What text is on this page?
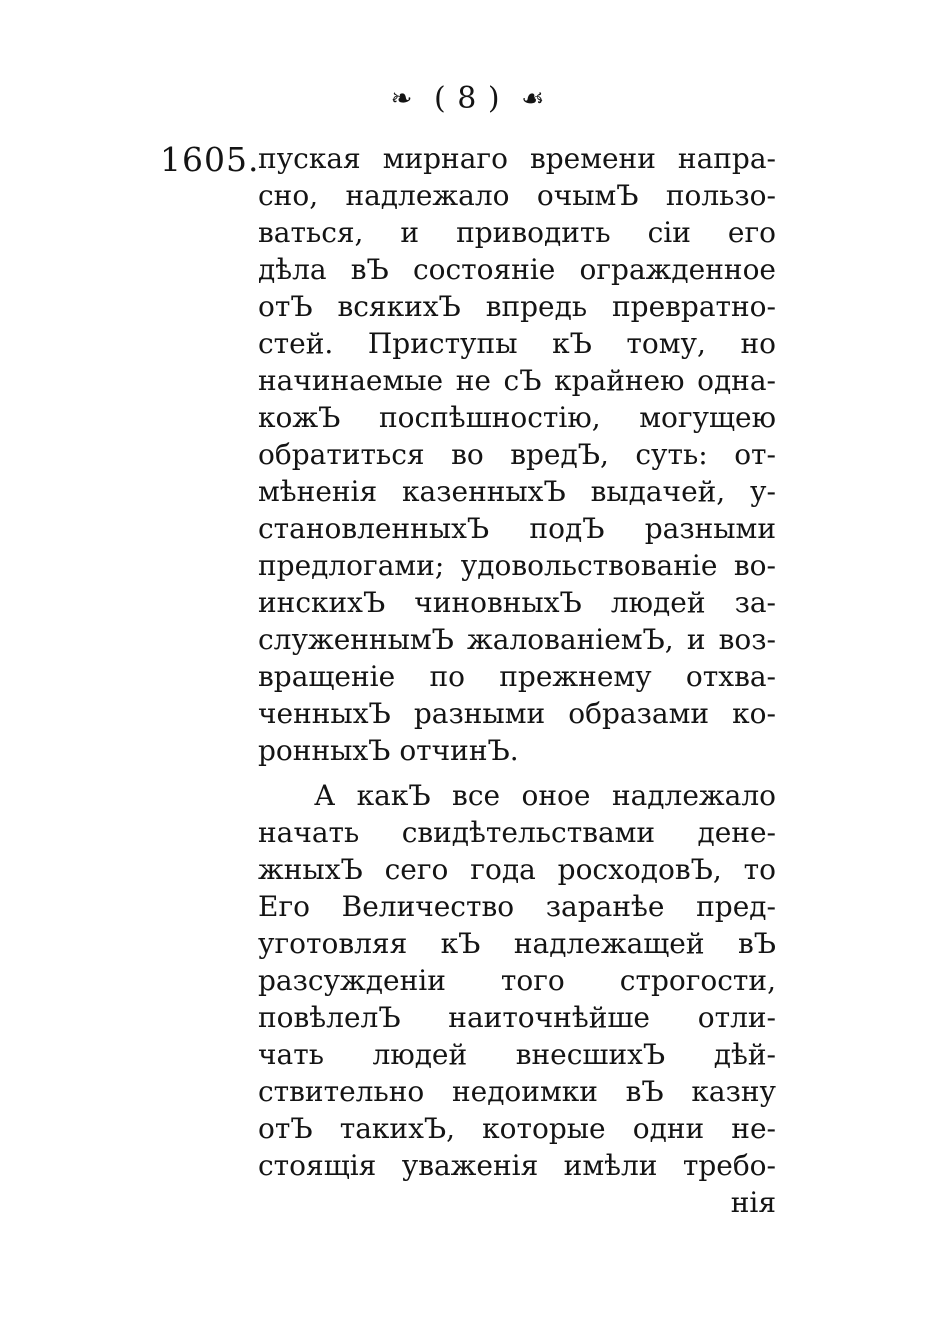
❧ ( 8 ) ☙
1605.
пуская мирнаго времени напра-
сно, надлежало очымЪ пользо-
ваться, и приводить сіи его
дѣла вЪ состояніе огражденное
отЪ всякихЪ впредь превратно-
стей. Приступы кЪ тому, но
начинаемые не сЪ крайнею одна-
кожЪ поспѣшностію, могущею
обратиться во вредЪ, суть: от-
мѣненія казенныхЪ выдачей, у-
становленныхЪ подЪ разными
предлогами; удовольствованіе во-
инскихЪ чиновныхЪ людей за-
служеннымЪ жалованіемЪ, и воз-
вращеніе по прежнему отхва-
ченныхЪ разными образами ко-
ронныхЪ отчинЪ.
А какЪ все оное надлежало
начать свидѣтельствами дене-
жныхЪ сего года росходовЪ, то
Его Величество заранѣе пред-
уготовляя кЪ надлежащей вЪ
разсужденіи того строгости,
повѣлелЪ наиточнѣйше отли-
чать людей внесшихЪ дѣй-
ствительно недоимки вЪ казну
отЪ такихЪ, которые одни не-
стоящія уваженія имѣли требо-
нія
